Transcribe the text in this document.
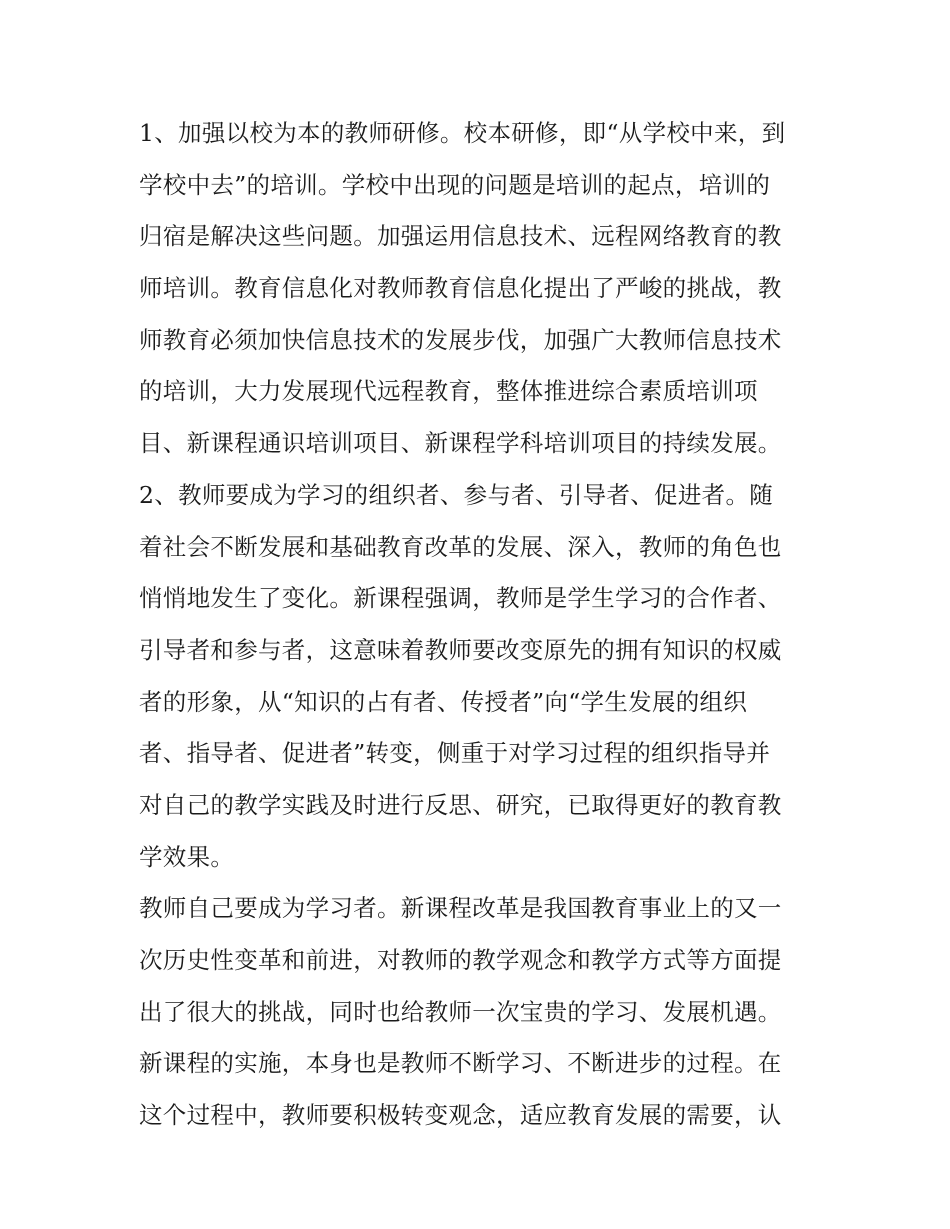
1、加强以校为本的教师研修。校本研修，即“从学校中来，到
学校中去”的培训。学校中出现的问题是培训的起点，培训的
归宿是解决这些问题。加强运用信息技术、远程网络教育的教
师培训。教育信息化对教师教育信息化提出了严峻的挑战，教
师教育必须加快信息技术的发展步伐，加强广大教师信息技术
的培训，大力发展现代远程教育，整体推进综合素质培训项
目、新课程通识培训项目、新课程学科培训项目的持续发展。
2、教师要成为学习的组织者、参与者、引导者、促进者。随
着社会不断发展和基础教育改革的发展、深入，教师的角色也
悄悄地发生了变化。新课程强调，教师是学生学习的合作者、
引导者和参与者，这意味着教师要改变原先的拥有知识的权威
者的形象，从“知识的占有者、传授者”向“学生发展的组织
者、指导者、促进者”转变，侧重于对学习过程的组织指导并
对自己的教学实践及时进行反思、研究，已取得更好的教育教
学效果。
教师自己要成为学习者。新课程改革是我国教育事业上的又一
次历史性变革和前进，对教师的教学观念和教学方式等方面提
出了很大的挑战，同时也给教师一次宝贵的学习、发展机遇。
新课程的实施，本身也是教师不断学习、不断进步的过程。在
这个过程中，教师要积极转变观念，适应教育发展的需要，认
